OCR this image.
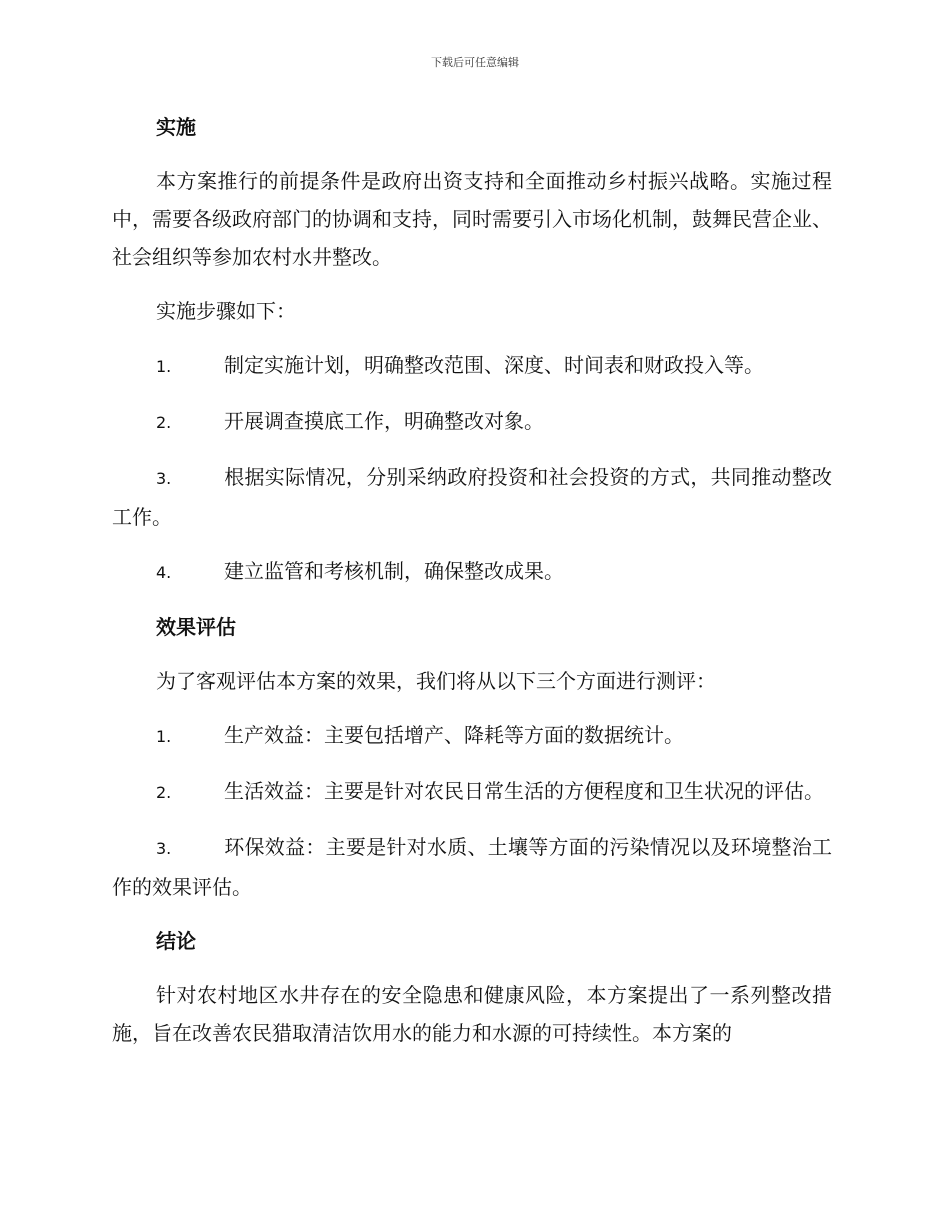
下载后可任意编辑
实施

本方案推行的前提条件是政府出资支持和全面推动乡村振兴战略。实施过程中，需要各级政府部门的协调和支持，同时需要引入市场化机制，鼓舞民营企业、社会组织等参加农村水井整改。

实施步骤如下：

1.	制定实施计划，明确整改范围、深度、时间表和财政投入等。

2.	开展调查摸底工作，明确整改对象。

3.	根据实际情况，分别采纳政府投资和社会投资的方式，共同推动整改工作。

4.	建立监管和考核机制，确保整改成果。

效果评估

为了客观评估本方案的效果，我们将从以下三个方面进行测评：

1.	生产效益：主要包括增产、降耗等方面的数据统计。

2.	生活效益：主要是针对农民日常生活的方便程度和卫生状况的评估。

3.	环保效益：主要是针对水质、土壤等方面的污染情况以及环境整治工作的效果评估。

结论

针对农村地区水井存在的安全隐患和健康风险，本方案提出了一系列整改措施，旨在改善农民猎取清洁饮用水的能力和水源的可持续性。本方案的
